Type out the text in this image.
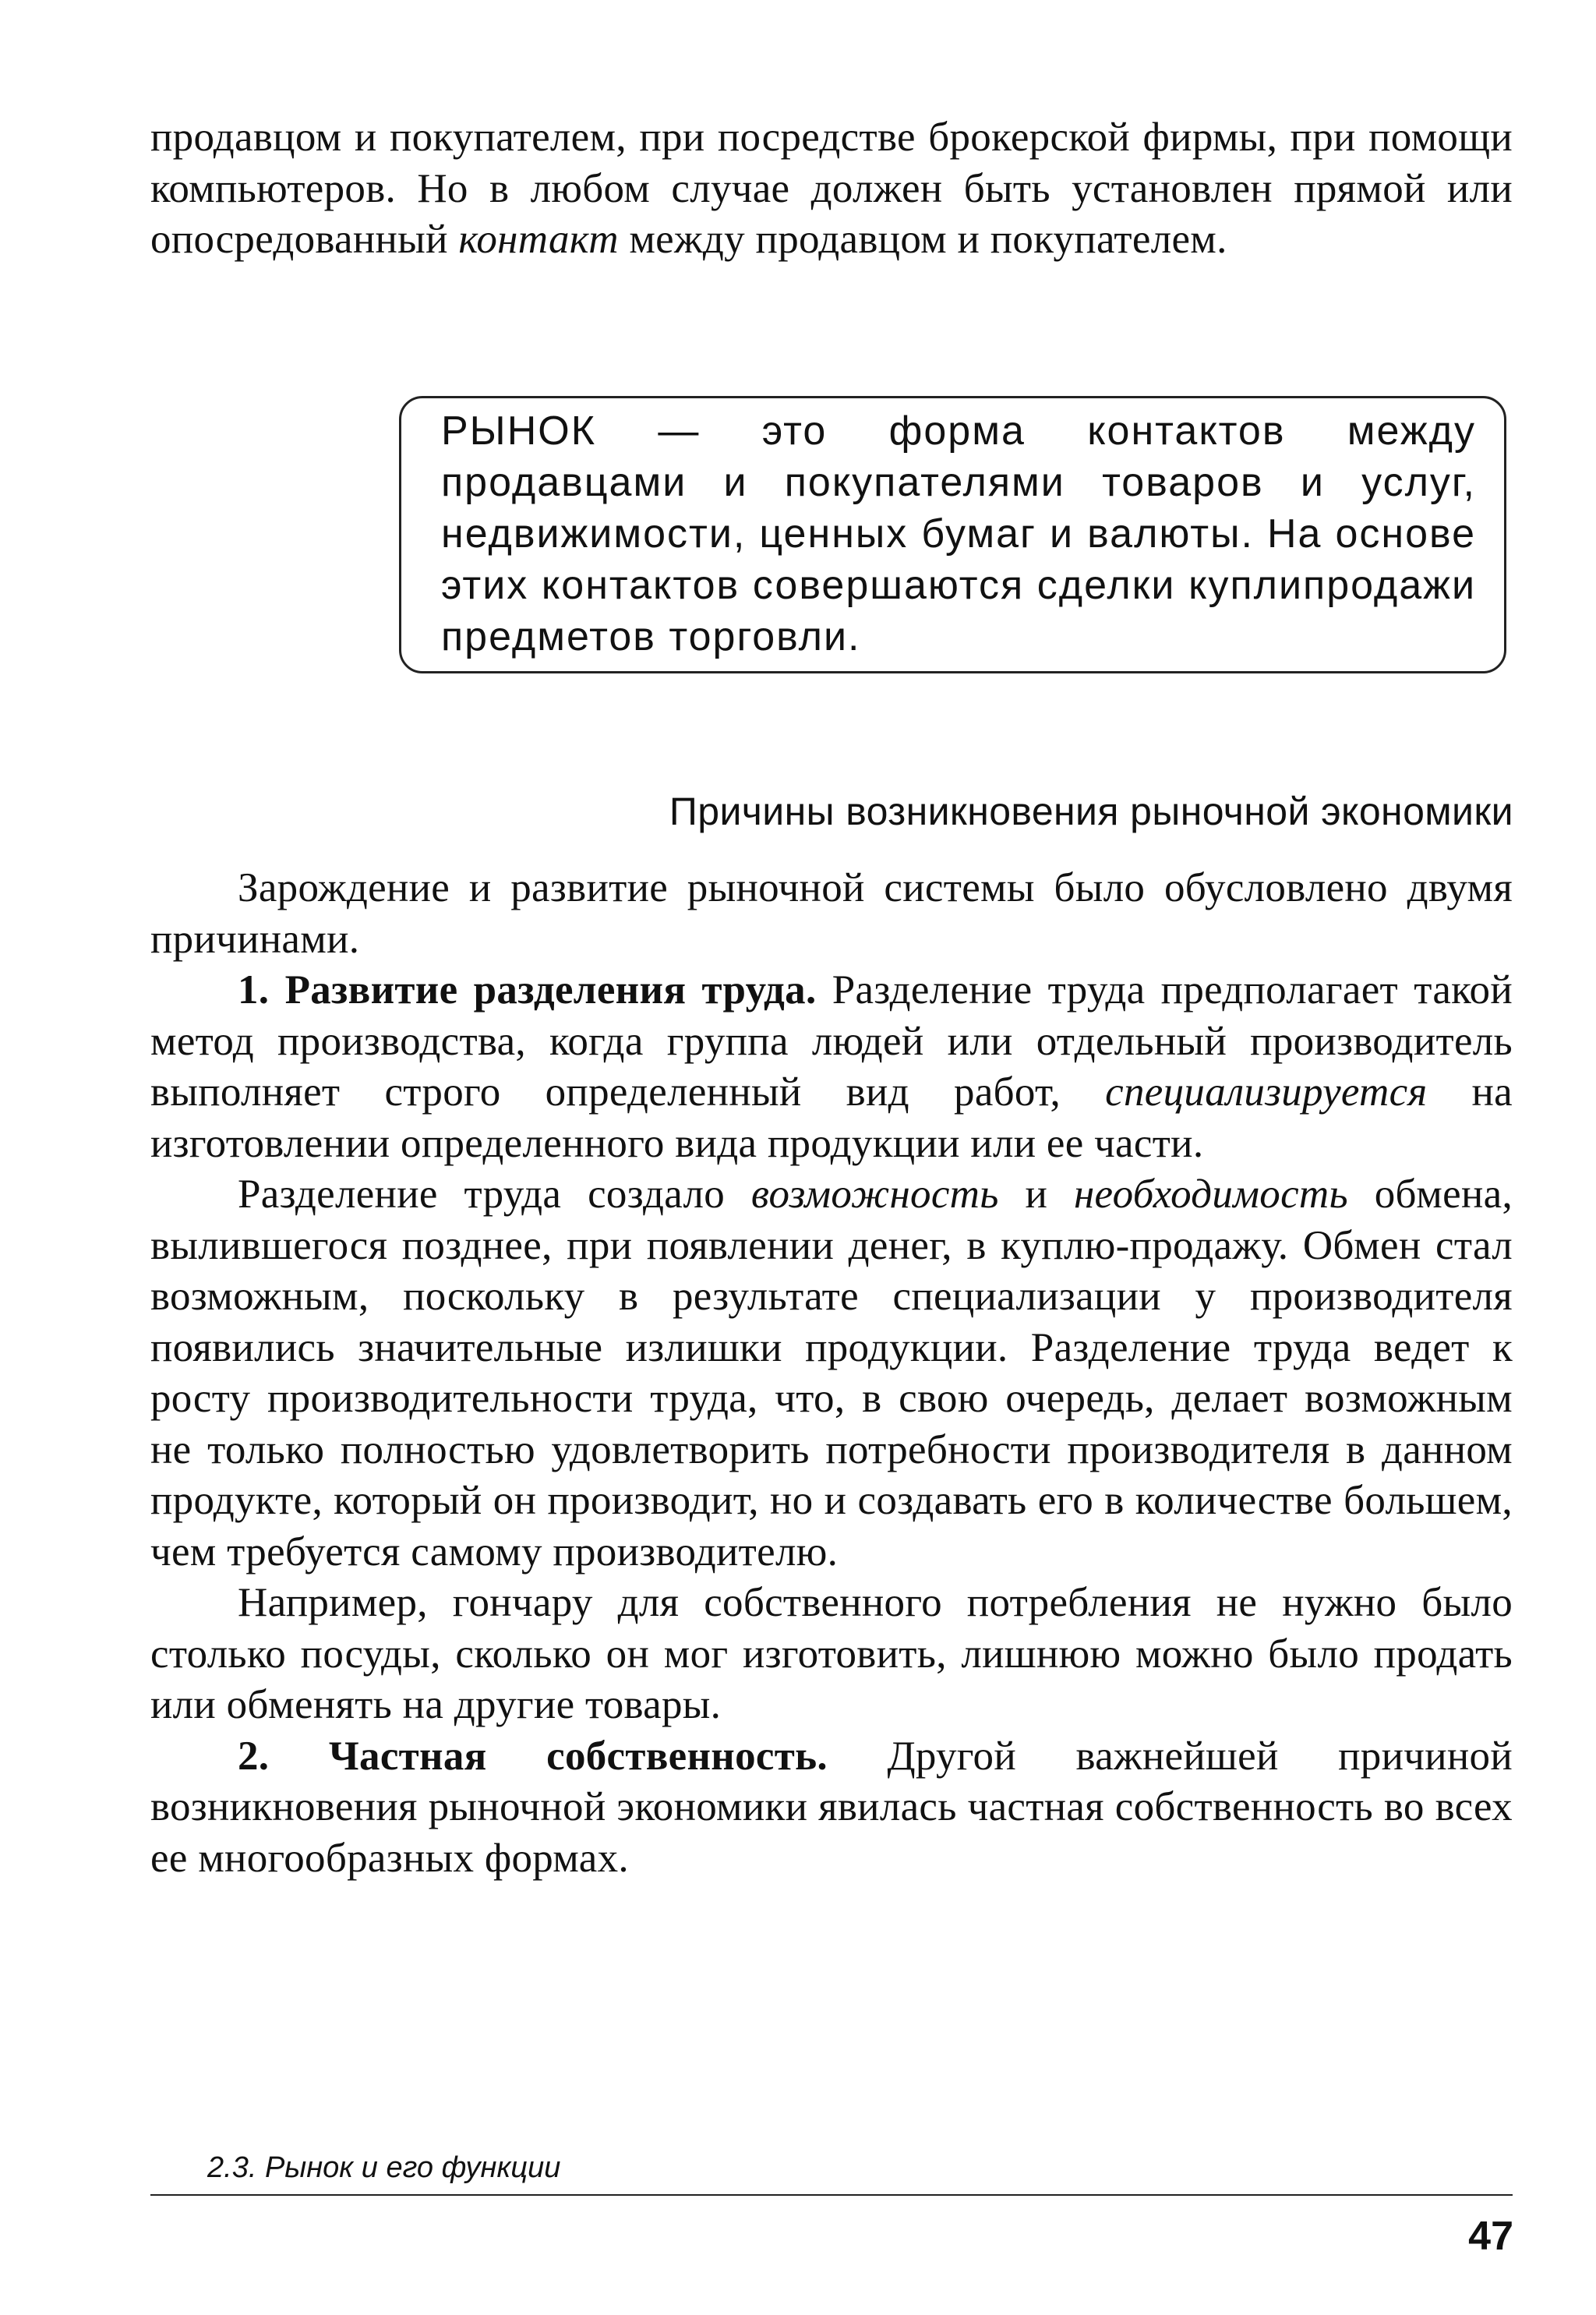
продавцом и покупателем, при посредстве брокерской фирмы, при помощи компьютеров. Но в любом случае должен быть установлен прямой или опосредованный контакт между продавцом и покупателем.

РЫНОК — это форма контактов между продавцами и покупателями товаров и услуг, недвижимости, ценных бумаг и валюты. На основе этих контактов совершаются сделки куплипродажи предметов торговли.

Причины возникновения рыночной экономики

Зарождение и развитие рыночной системы было обусловлено двумя причинами.

1. Развитие разделения труда. Разделение труда предполагает такой метод производства, когда группа людей или отдельный производитель выполняет строго определенный вид работ, специализируется на изготовлении определенного вида продукции или ее части.

Разделение труда создало возможность и необходимость обмена, вылившегося позднее, при появлении денег, в куплю-продажу. Обмен стал возможным, поскольку в результате специализации у производителя появились значительные излишки продукции. Разделение труда ведет к росту производительности труда, что, в свою очередь, делает возможным не только полностью удовлетворить потребности производителя в данном продукте, который он производит, но и создавать его в количестве большем, чем требуется самому производителю.

Например, гончару для собственного потребления не нужно было столько посуды, сколько он мог изготовить, лишнюю можно было продать или обменять на другие товары.

2. Частная собственность. Другой важнейшей причиной возникновения рыночной экономики явилась частная собственность во всех ее многообразных формах.

2.3. Рынок и его функции
47
